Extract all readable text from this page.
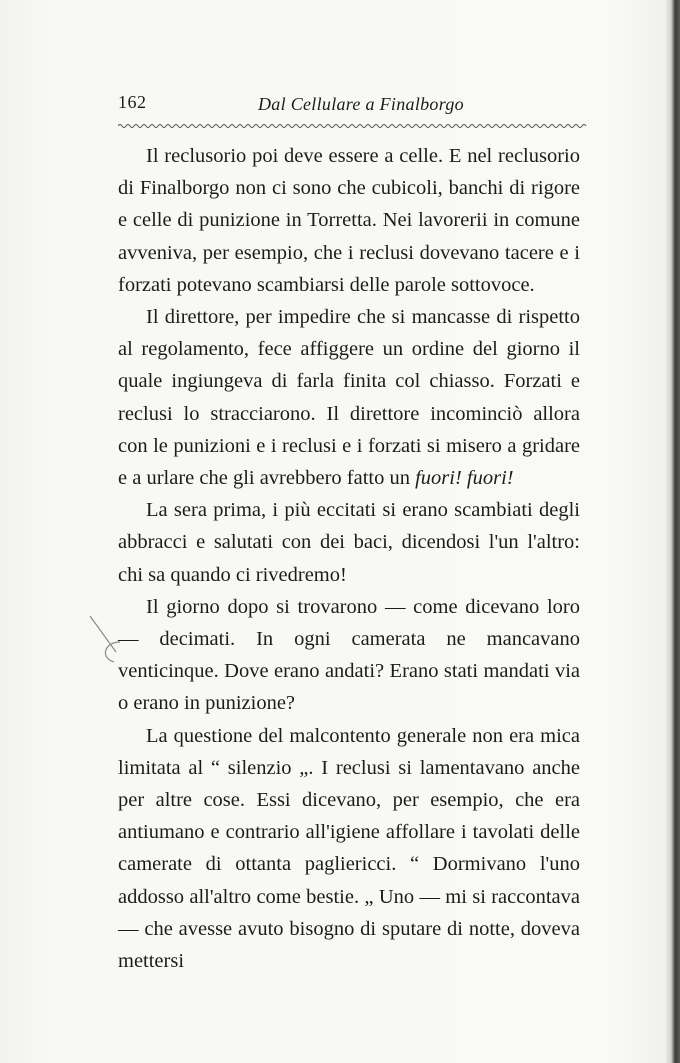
162	Dal Cellulare a Finalborgo

Il reclusorio poi deve essere a celle. E nel reclusorio di Finalborgo non ci sono che cubicoli, banchi di rigore e celle di punizione in Torretta. Nei lavorerii in comune avveniva, per esempio, che i reclusi dovevano tacere e i forzati potevano scambiarsi delle parole sottovoce.

Il direttore, per impedire che si mancasse di rispetto al regolamento, fece affiggere un ordine del giorno il quale ingiungeva di farla finita col chiasso. Forzati e reclusi lo stracciarono. Il direttore incominciò allora con le punizioni e i reclusi e i forzati si misero a gridare e a urlare che gli avrebbero fatto un fuori! fuori!

La sera prima, i più eccitati si erano scambiati degli abbracci e salutati con dei baci, dicendosi l'un l'altro: chi sa quando ci rivedremo!

Il giorno dopo si trovarono — come dicevano loro — decimati. In ogni camerata ne mancavano venticinque. Dove erano andati? Erano stati mandati via o erano in punizione?

La questione del malcontento generale non era mica limitata al “ silenzio „. I reclusi si lamentavano anche per altre cose. Essi dicevano, per esempio, che era antiumano e contrario all'igiene affollare i tavolati delle camerate di ottanta pagliericci. “ Dormivano l'uno addosso all'altro come bestie. „ Uno — mi si raccontava — che avesse avuto bisogno di sputare di notte, doveva mettersi
